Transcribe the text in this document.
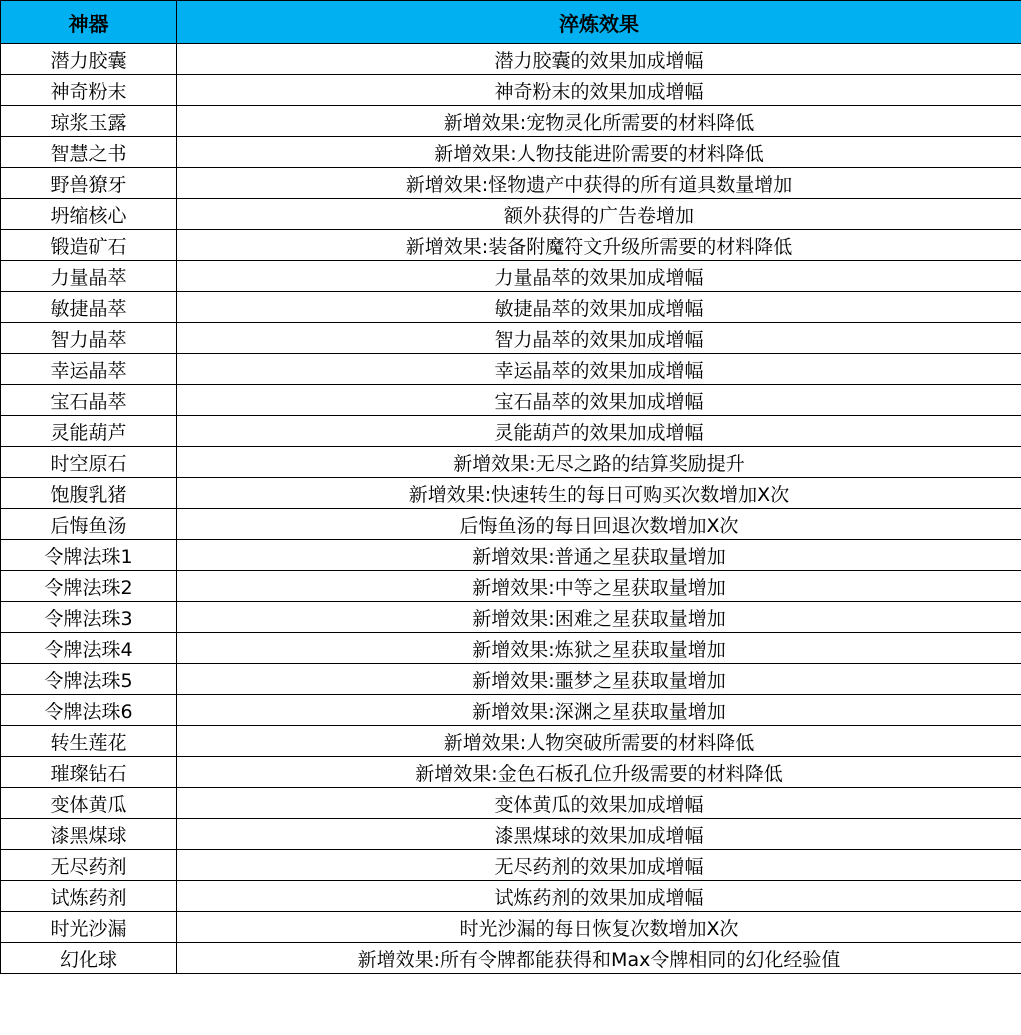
神器	淬炼效果
潜力胶囊	潜力胶囊的效果加成增幅
神奇粉末	神奇粉末的效果加成增幅
琼浆玉露	新增效果:宠物灵化所需要的材料降低
智慧之书	新增效果:人物技能进阶需要的材料降低
野兽獠牙	新增效果:怪物遗产中获得的所有道具数量增加
坍缩核心	额外获得的广告卷增加
锻造矿石	新增效果:装备附魔符文升级所需要的材料降低
力量晶萃	力量晶萃的效果加成增幅
敏捷晶萃	敏捷晶萃的效果加成增幅
智力晶萃	智力晶萃的效果加成增幅
幸运晶萃	幸运晶萃的效果加成增幅
宝石晶萃	宝石晶萃的效果加成增幅
灵能葫芦	灵能葫芦的效果加成增幅
时空原石	新增效果:无尽之路的结算奖励提升
饱腹乳猪	新增效果:快速转生的每日可购买次数增加X次
后悔鱼汤	后悔鱼汤的每日回退次数增加X次
令牌法珠1	新增效果:普通之星获取量增加
令牌法珠2	新增效果:中等之星获取量增加
令牌法珠3	新增效果:困难之星获取量增加
令牌法珠4	新增效果:炼狱之星获取量增加
令牌法珠5	新增效果:噩梦之星获取量增加
令牌法珠6	新增效果:深渊之星获取量增加
转生莲花	新增效果:人物突破所需要的材料降低
璀璨钻石	新增效果:金色石板孔位升级需要的材料降低
变体黄瓜	变体黄瓜的效果加成增幅
漆黑煤球	漆黑煤球的效果加成增幅
无尽药剂	无尽药剂的效果加成增幅
试炼药剂	试炼药剂的效果加成增幅
时光沙漏	时光沙漏的每日恢复次数增加X次
幻化球	新增效果:所有令牌都能获得和Max令牌相同的幻化经验值
